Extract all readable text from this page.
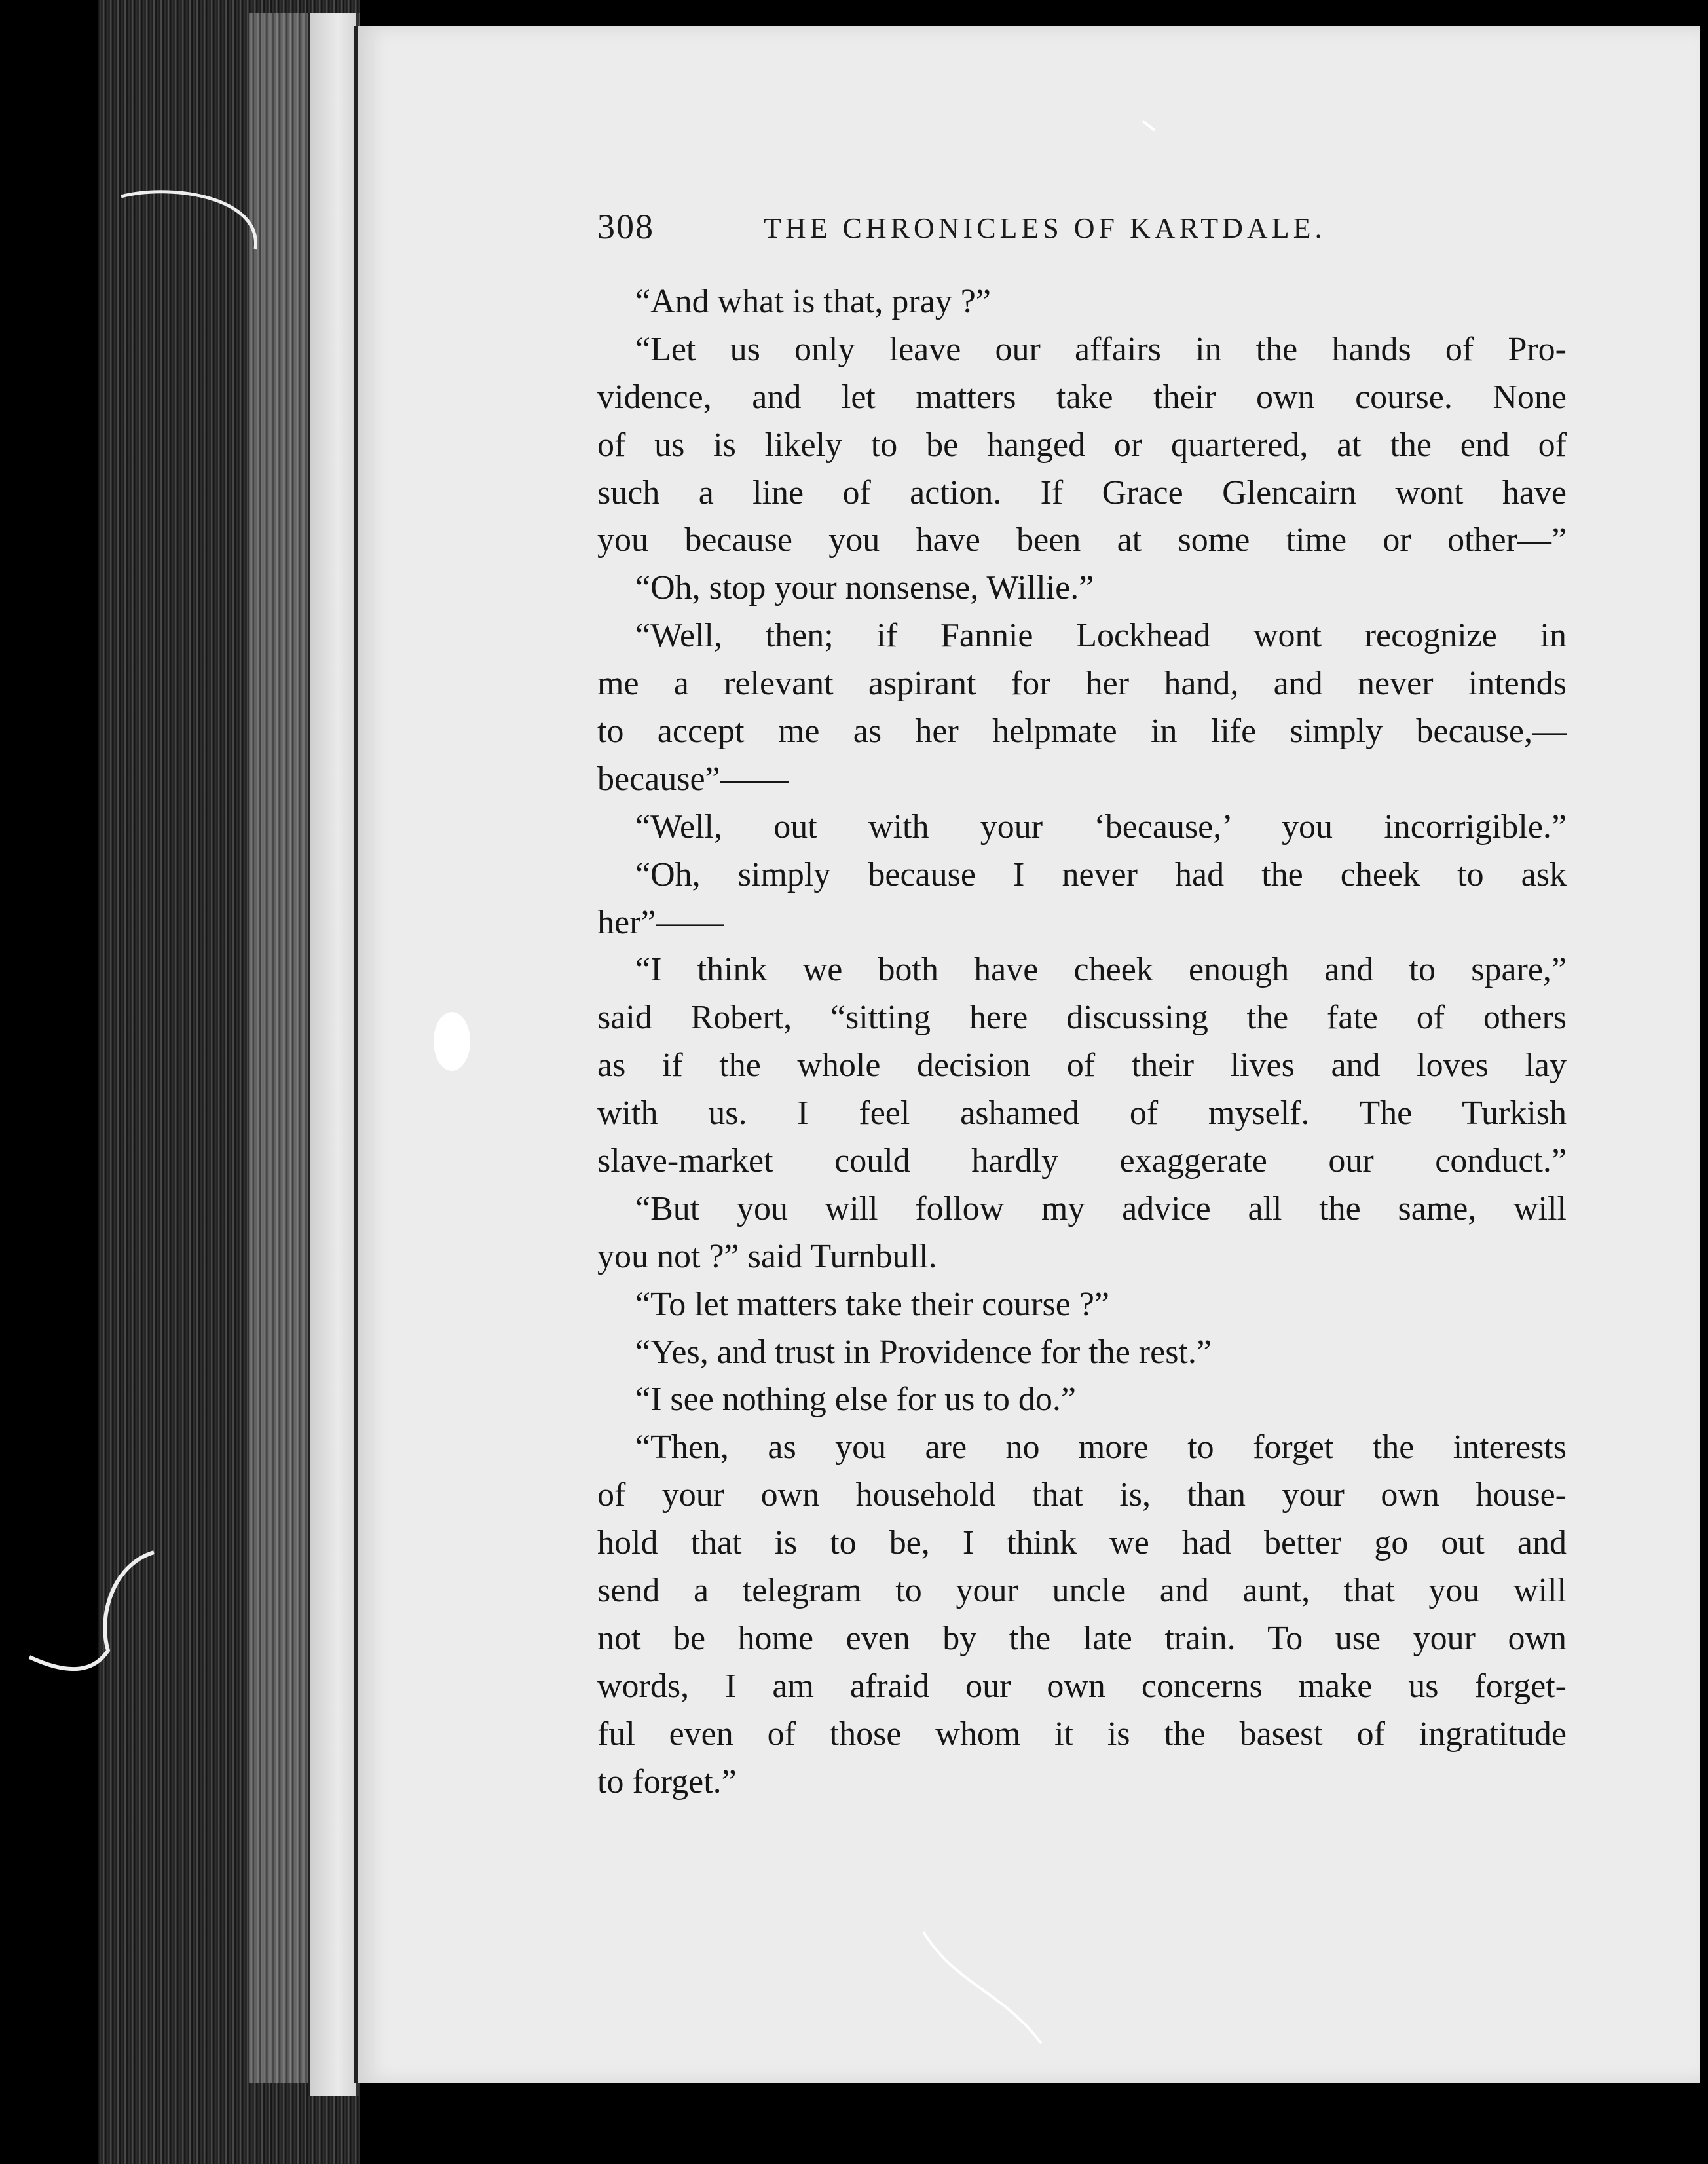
308	THE CHRONICLES OF KARTDALE.
“And what is that, pray ?”
“Let us only leave our affairs in the hands of Pro-
vidence, and let matters take their own course. None
of us is likely to be hanged or quartered, at the end of
such a line of action. If Grace Glencairn wont have
you because you have been at some time or other—”
“Oh, stop your nonsense, Willie.”
“Well, then; if Fannie Lockhead wont recognize in
me a relevant aspirant for her hand, and never intends
to accept me as her helpmate in life simply because,—
because”——
“Well, out with your ‘because,’ you incorrigible.”
“Oh, simply because I never had the cheek to ask
her”——
“I think we both have cheek enough and to spare,”
said Robert, “sitting here discussing the fate of others
as if the whole decision of their lives and loves lay
with us. I feel ashamed of myself. The Turkish
slave-market could hardly exaggerate our conduct.”
“But you will follow my advice all the same, will
you not ?” said Turnbull.
“To let matters take their course ?”
“Yes, and trust in Providence for the rest.”
“I see nothing else for us to do.”
“Then, as you are no more to forget the interests
of your own household that is, than your own house-
hold that is to be, I think we had better go out and
send a telegram to your uncle and aunt, that you will
not be home even by the late train. To use your own
words, I am afraid our own concerns make us forget-
ful even of those whom it is the basest of ingratitude
to forget.”
